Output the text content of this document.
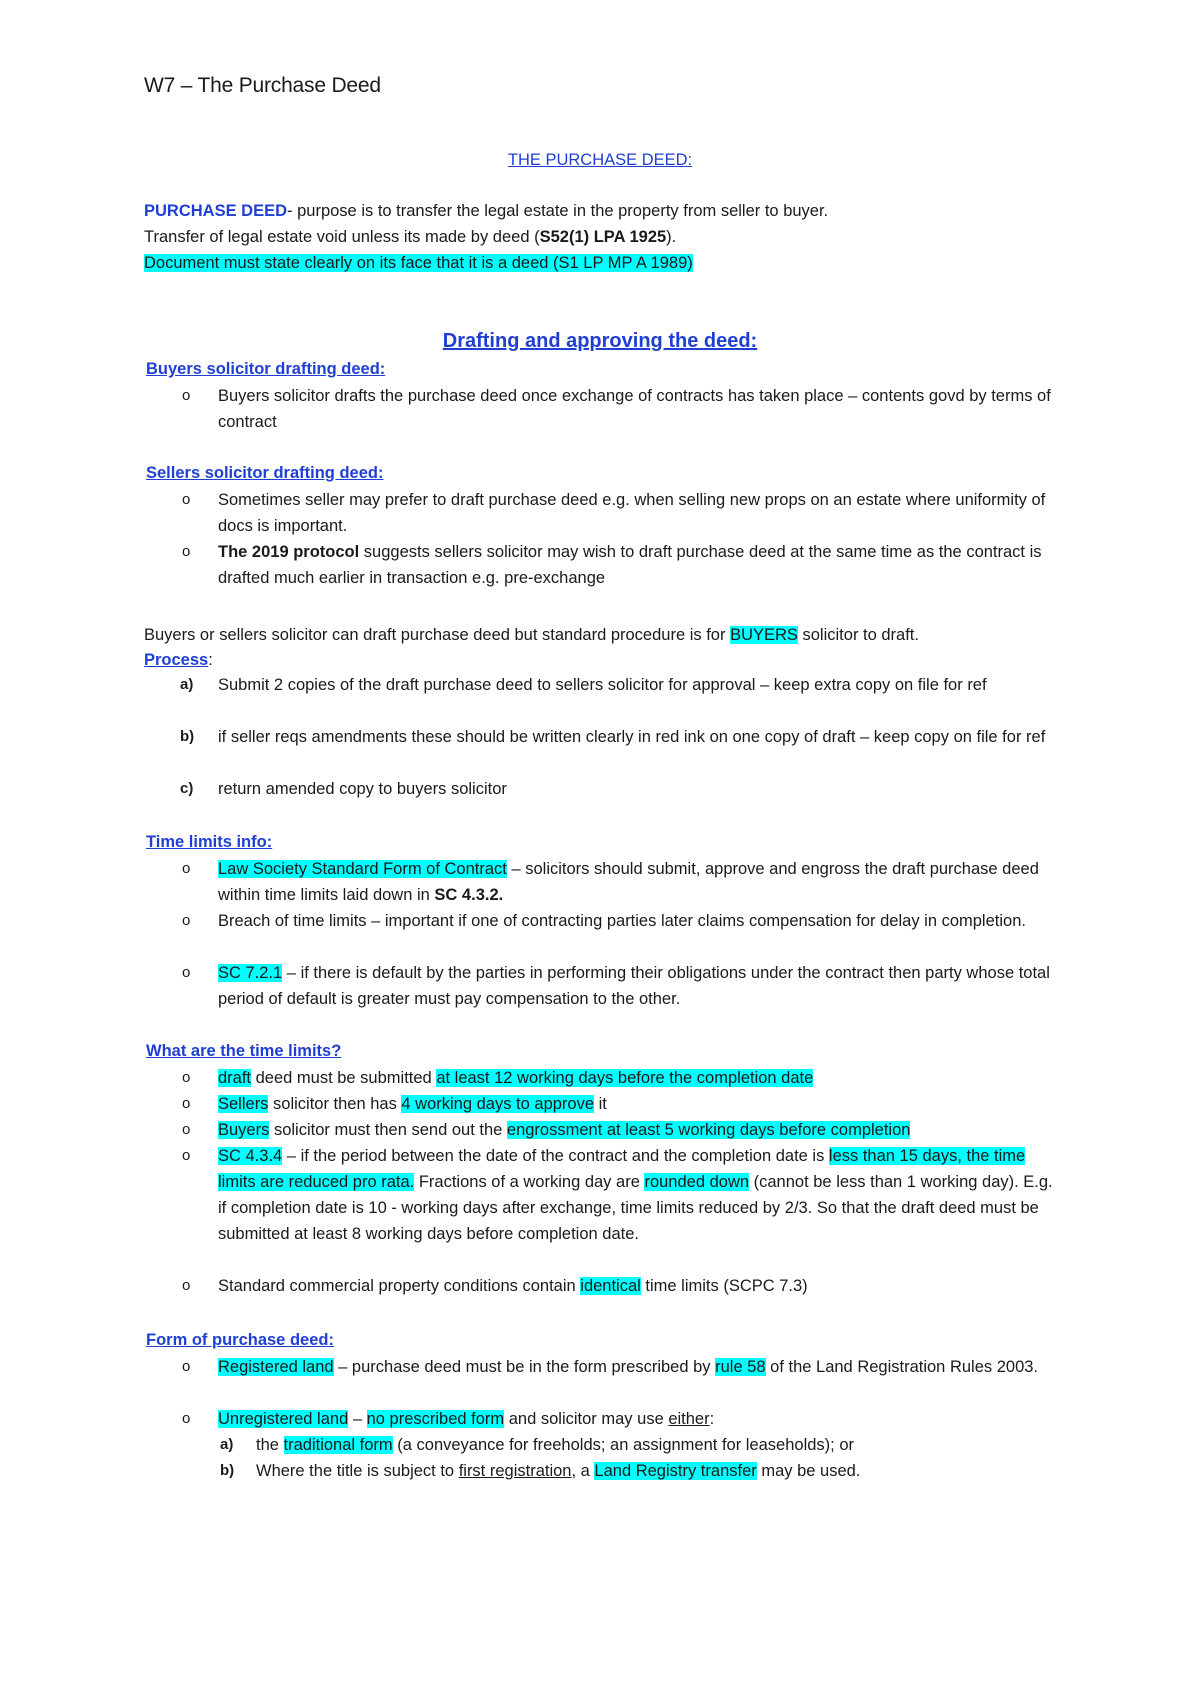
W7 – The Purchase Deed
THE PURCHASE DEED:
PURCHASE DEED- purpose is to transfer the legal estate in the property from seller to buyer.
Transfer of legal estate void unless its made by deed (S52(1) LPA 1925).
Document must state clearly on its face that it is a deed (S1 LP MP A 1989)
Drafting and approving the deed:
Buyers solicitor drafting deed:
o	Buyers solicitor drafts the purchase deed once exchange of contracts has taken place – contents govd by terms of contract
Sellers solicitor drafting deed:
o	Sometimes seller may prefer to draft purchase deed e.g. when selling new props on an estate where uniformity of docs is important.
o	The 2019 protocol suggests sellers solicitor may wish to draft purchase deed at the same time as the contract is drafted much earlier in transaction e.g. pre-exchange
Buyers or sellers solicitor can draft purchase deed but standard procedure is for BUYERS solicitor to draft.
Process:
a)	Submit 2 copies of the draft purchase deed to sellers solicitor for approval – keep extra copy on file for ref
b)	if seller reqs amendments these should be written clearly in red ink on one copy of draft – keep copy on file for ref
c)	return amended copy to buyers solicitor
Time limits info:
o	Law Society Standard Form of Contract – solicitors should submit, approve and engross the draft purchase deed within time limits laid down in SC 4.3.2.
o	Breach of time limits – important if one of contracting parties later claims compensation for delay in completion.
o	SC 7.2.1 – if there is default by the parties in performing their obligations under the contract then party whose total period of default is greater must pay compensation to the other.
What are the time limits?
o	draft deed must be submitted at least 12 working days before the completion date
o	Sellers solicitor then has 4 working days to approve it
o	Buyers solicitor must then send out the engrossment at least 5 working days before completion
o	SC 4.3.4 – if the period between the date of the contract and the completion date is less than 15 days, the time limits are reduced pro rata. Fractions of a working day are rounded down (cannot be less than 1 working day). E.g. if completion date is 10 - working days after exchange, time limits reduced by 2/3. So that the draft deed must be submitted at least 8 working days before completion date.
o	Standard commercial property conditions contain identical time limits (SCPC 7.3)
Form of purchase deed:
o	Registered land – purchase deed must be in the form prescribed by rule 58 of the Land Registration Rules 2003.
o	Unregistered land – no prescribed form and solicitor may use either:
a)	the traditional form (a conveyance for freeholds; an assignment for leaseholds); or
b)	Where the title is subject to first registration, a Land Registry transfer may be used.
